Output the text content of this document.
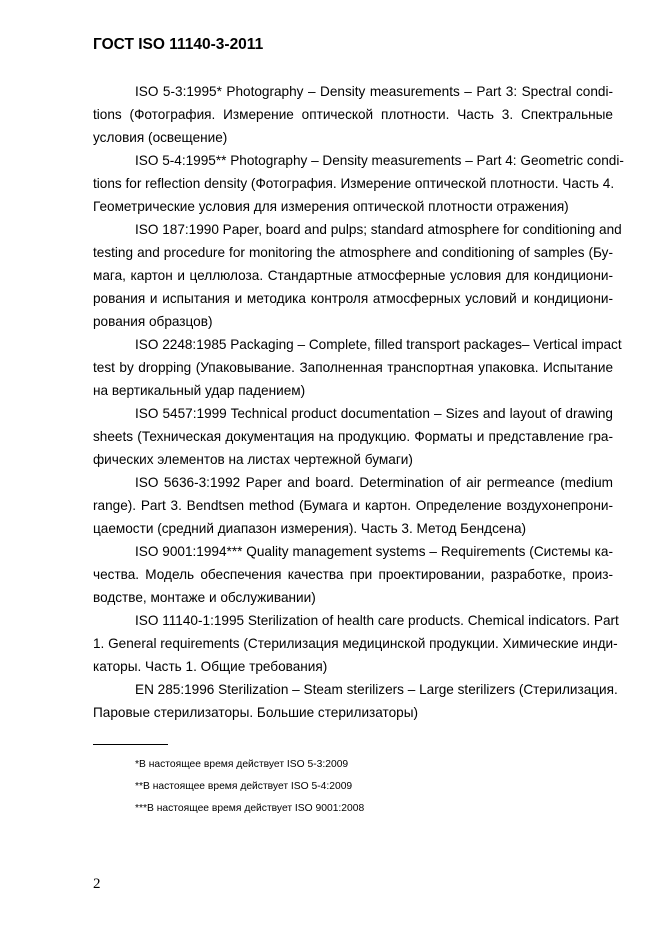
ГОСТ ISO 11140-3-2011
ISO 5-3:1995* Photography – Density measurements – Part 3: Spectral condi-
tions (Фотография. Измерение оптической плотности. Часть 3. Спектральные
условия (освещение)
ISO 5-4:1995** Photography – Density measurements – Part 4: Geometric condi-
tions for reflection density (Фотография. Измерение оптической плотности. Часть 4.
Геометрические условия для измерения оптической плотности отражения)
ISO 187:1990 Paper, board and pulps; standard atmosphere for conditioning and
testing and procedure for monitoring the atmosphere and conditioning of samples (Бу-
мага, картон и целлюлоза. Стандартные атмосферные условия для кондициони-
рования и испытания и методика контроля атмосферных условий и кондициони-
рования образцов)
ISO 2248:1985 Packaging – Complete, filled transport packages– Vertical impact
test by dropping (Упаковывание. Заполненная транспортная упаковка. Испытание
на вертикальный удар падением)
ISO 5457:1999 Technical product documentation – Sizes and layout of drawing
sheets (Техническая документация на продукцию. Форматы и представление гра-
фических элементов на листах чертежной бумаги)
ISO 5636-3:1992 Paper and board. Determination of air permeance (medium
range). Part 3. Bendtsen method (Бумага и картон. Определение воздухонепрони-
цаемости (средний диапазон измерения). Часть 3. Метод Бендсена)
ISO 9001:1994*** Quality management systems – Requirements (Системы ка-
чества. Модель обеспечения качества при проектировании, разработке, произ-
водстве, монтаже и обслуживании)
ISO 11140-1:1995 Sterilization of health care products. Chemical indicators. Part
1. General requirements (Стерилизация медицинской продукции. Химические инди-
каторы. Часть 1. Общие требования)
EN 285:1996 Sterilization – Steam sterilizers – Large sterilizers (Стерилизация.
Паровые стерилизаторы. Большие стерилизаторы)
*В настоящее время действует ISO 5-3:2009
**В настоящее время действует ISO 5-4:2009
***В настоящее время действует ISO 9001:2008
2
